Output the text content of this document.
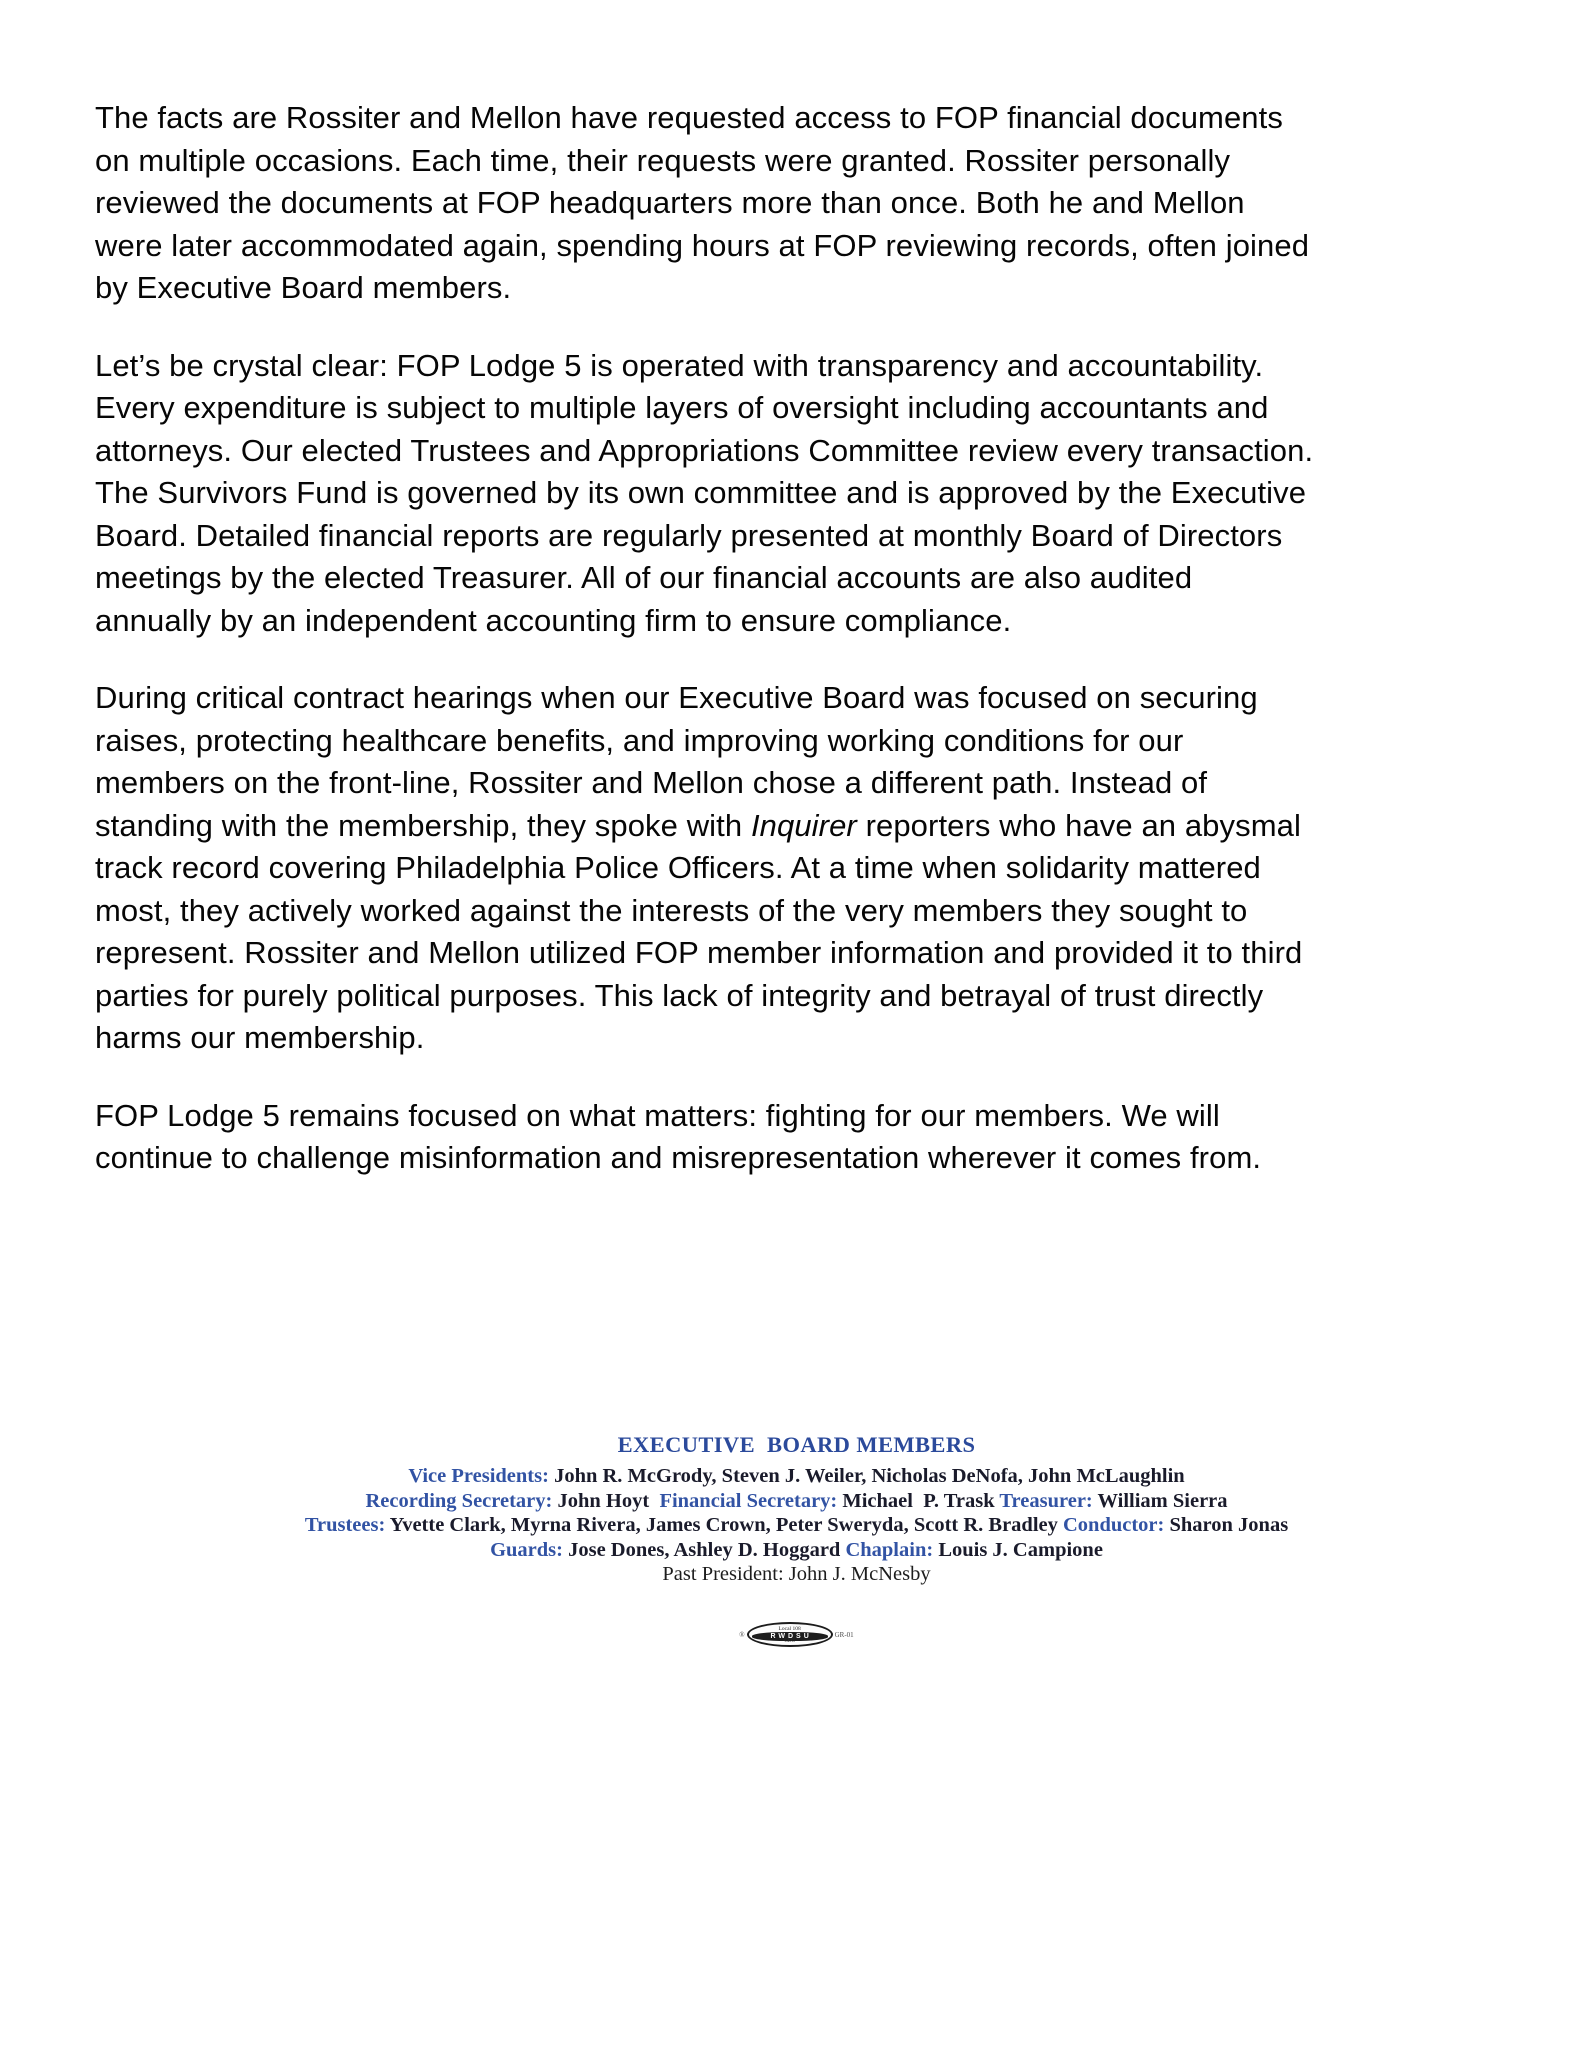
The facts are Rossiter and Mellon have requested access to FOP financial documents
on multiple occasions. Each time, their requests were granted. Rossiter personally
reviewed the documents at FOP headquarters more than once. Both he and Mellon
were later accommodated again, spending hours at FOP reviewing records, often joined
by Executive Board members.
Let’s be crystal clear: FOP Lodge 5 is operated with transparency and accountability.
Every expenditure is subject to multiple layers of oversight including accountants and
attorneys. Our elected Trustees and Appropriations Committee review every transaction.
The Survivors Fund is governed by its own committee and is approved by the Executive
Board. Detailed financial reports are regularly presented at monthly Board of Directors
meetings by the elected Treasurer. All of our financial accounts are also audited
annually by an independent accounting firm to ensure compliance.
During critical contract hearings when our Executive Board was focused on securing
raises, protecting healthcare benefits, and improving working conditions for our
members on the front-line, Rossiter and Mellon chose a different path. Instead of
standing with the membership, they spoke with Inquirer reporters who have an abysmal
track record covering Philadelphia Police Officers. At a time when solidarity mattered
most, they actively worked against the interests of the very members they sought to
represent. Rossiter and Mellon utilized FOP member information and provided it to third
parties for purely political purposes. This lack of integrity and betrayal of trust directly
harms our membership.
FOP Lodge 5 remains focused on what matters: fighting for our members. We will
continue to challenge misinformation and misrepresentation wherever it comes from.
EXECUTIVE  BOARD MEMBERS
Vice Presidents: John R. McGrody, Steven J. Weiler, Nicholas DeNofa, John McLaughlin
Recording Secretary: John Hoyt  Financial Secretary: Michael  P. Trask Treasurer: William Sierra
Trustees: Yvette Clark, Myrna Rivera, James Crown, Peter Sweryda, Scott R. Bradley Conductor: Sharon Jonas
Guards: Jose Dones, Ashley D. Hoggard Chaplain: Louis J. Campione
Past President: John J. McNesby
®
Local 108
RWDSU
CLC
GR-01
